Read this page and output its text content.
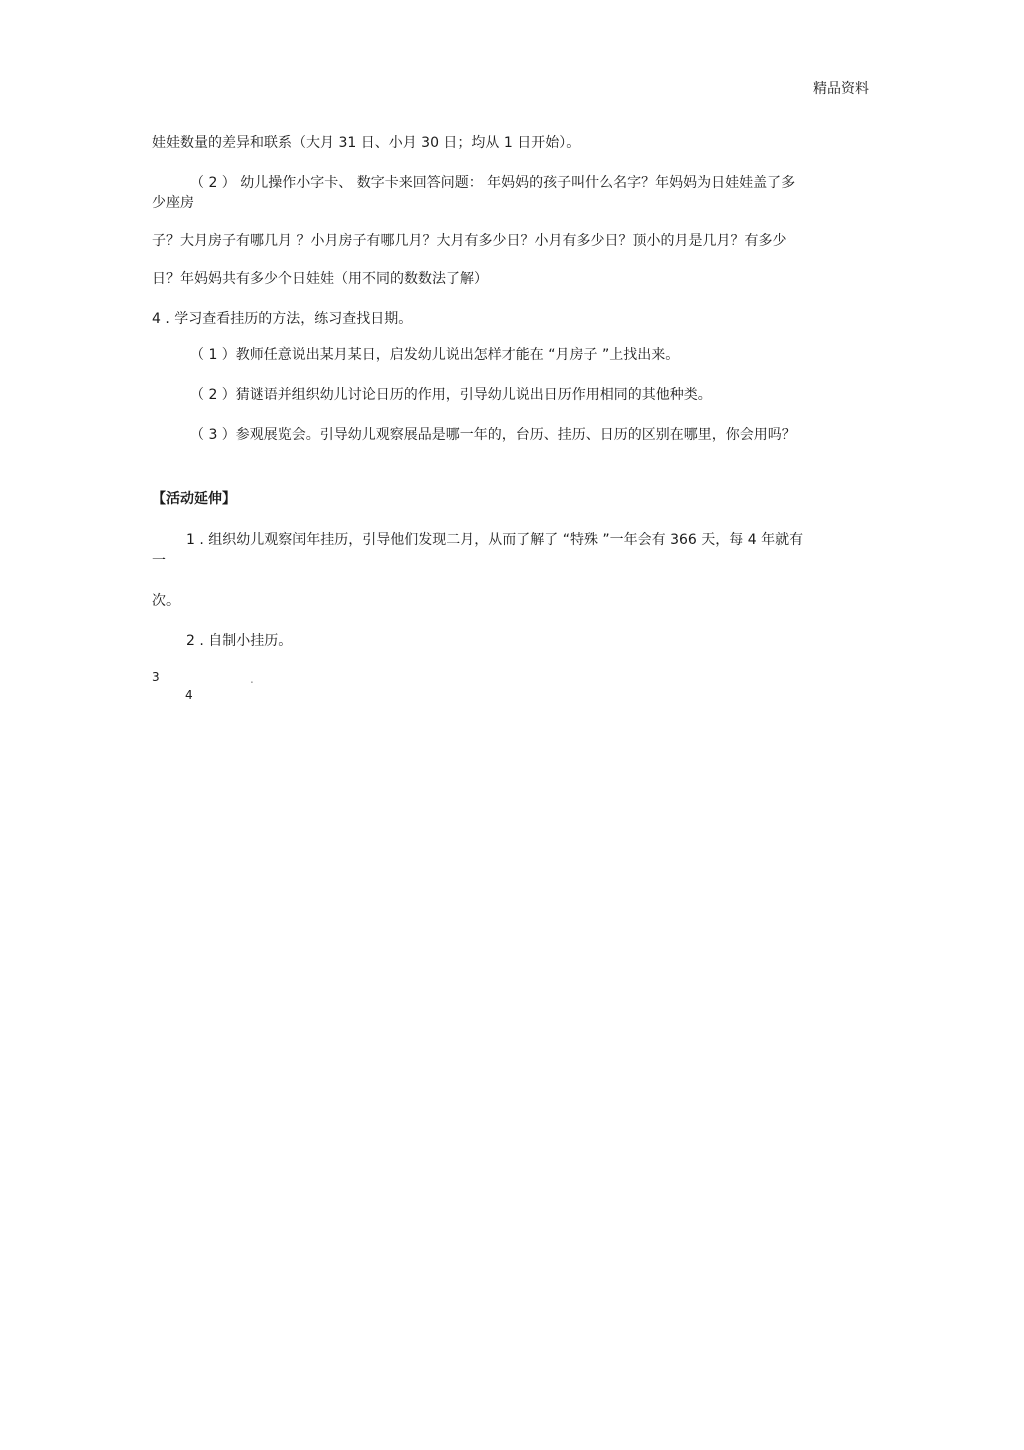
精品资料
娃娃数量的差异和联系（大月 31 日、小月 30 日；均从 1 日开始）。
（ 2 ） 幼儿操作小字卡、 数字卡来回答问题： 年妈妈的孩子叫什么名字？年妈妈为日娃娃盖了多
少座房
子？大月房子有哪几月 ？小月房子有哪几月？大月有多少日？小月有多少日？顶小的月是几月？有多少
日？年妈妈共有多少个日娃娃（用不同的数数法了解）
4 . 学习查看挂历的方法，练习查找日期。
（ 1 ）教师任意说出某月某日，启发幼儿说出怎样才能在 “月房子 ”上找出来。
（ 2 ）猜谜语并组织幼儿讨论日历的作用，引导幼儿说出日历作用相同的其他种类。
（ 3 ）参观展览会。引导幼儿观察展品是哪一年的，台历、挂历、日历的区别在哪里，你会用吗？
【活动延伸】
1 . 组织幼儿观察闰年挂历，引导他们发现二月，从而了解了 “特殊 ”一年会有 366 天，每 4 年就有
一
次。
2 . 自制小挂历。
3	.
4
